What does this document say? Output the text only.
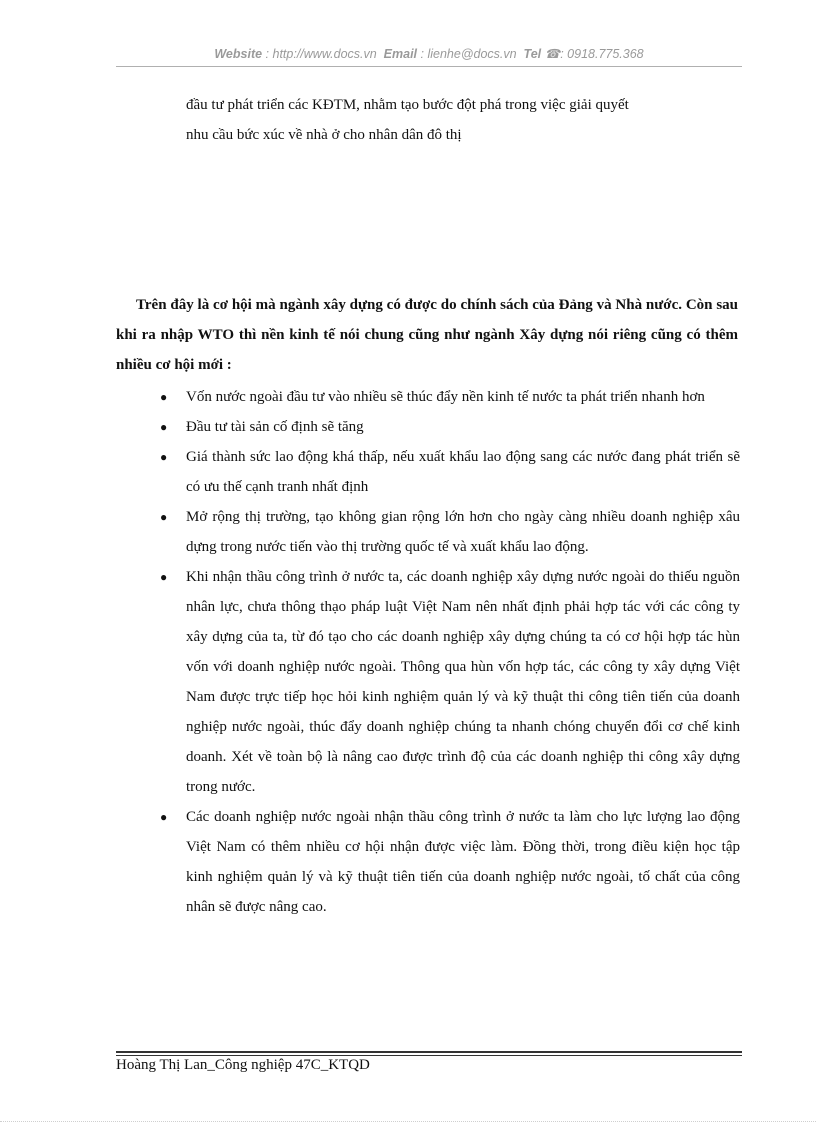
Website : http://www.docs.vn Email : lienhe@docs.vn Tel ☎: 0918.775.368

đầu tư phát triển các KĐTM, nhằm tạo bước đột phá trong việc giải quyết

nhu cầu bức xúc về nhà ở cho nhân dân đô thị

Trên đây là cơ hội mà ngành xây dựng có được do chính sách của Đảng và Nhà nước. Còn sau khi ra nhập WTO thì nền kinh tế nói chung cũng như ngành Xây dựng nói riêng cũng có thêm nhiều cơ hội mới :

● Vốn nước ngoài đầu tư vào nhiều sẽ thúc đẩy nền kinh tế nước ta phát triển nhanh hơn
● Đầu tư tài sản cố định sẽ tăng
● Giá thành sức lao động khá thấp, nếu xuất khẩu lao động sang các nước đang phát triển sẽ có ưu thế cạnh tranh nhất định
● Mở rộng thị trường, tạo không gian rộng lớn hơn cho ngày càng nhiều doanh nghiệp xâu dựng trong nước tiến vào thị trường quốc tế và xuất khẩu lao động.
● Khi nhận thầu công trình ở nước ta, các doanh nghiệp xây dựng nước ngoài do thiếu nguồn nhân lực, chưa thông thạo pháp luật Việt Nam nên nhất định phải hợp tác với các công ty xây dựng của ta, từ đó tạo cho các doanh nghiệp xây dựng chúng ta có cơ hội hợp tác hùn vốn với doanh nghiệp nước ngoài. Thông qua hùn vốn hợp tác, các công ty xây dựng Việt Nam được trực tiếp học hỏi kinh nghiệm quản lý và kỹ thuật thi công tiên tiến của doanh nghiệp nước ngoài, thúc đẩy doanh nghiệp chúng ta nhanh chóng chuyển đổi cơ chế kinh doanh. Xét về toàn bộ là nâng cao được trình độ của các doanh nghiệp thi công xây dựng trong nước.
● Các doanh nghiệp nước ngoài nhận thầu công trình ở nước ta làm cho lực lượng lao động Việt Nam có thêm nhiều cơ hội nhận được việc làm. Đồng thời, trong điều kiện học tập kinh nghiệm quản lý và kỹ thuật tiên tiến của doanh nghiệp nước ngoài, tố chất của công nhân sẽ được nâng cao.
Hoàng Thị Lan_Công nghiệp 47C_KTQD
